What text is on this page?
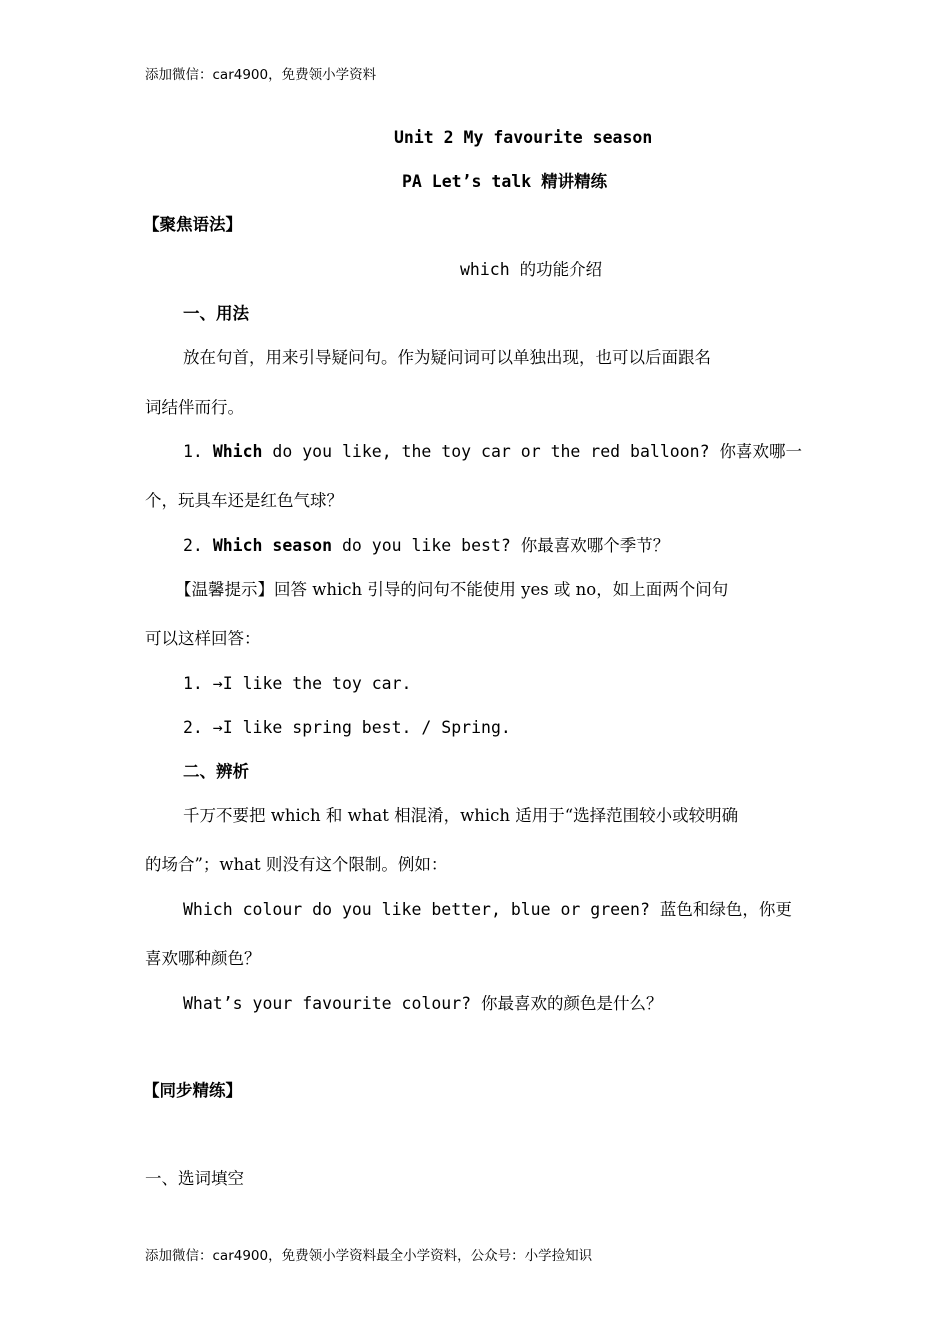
添加微信：car4900，免费领小学资料
Unit 2 My favourite season
PA Let’s talk 精讲精练
【聚焦语法】
which 的功能介绍
一、用法
放在句首，用来引导疑问句。作为疑问词可以单独出现，也可以后面跟名
词结伴而行。
1. Which do you like, the toy car or the red balloon? 你喜欢哪一
个，玩具车还是红色气球？
2. Which season do you like best? 你最喜欢哪个季节？
【温馨提示】回答 which 引导的问句不能使用 yes 或 no，如上面两个问句
可以这样回答：
1. →I like the toy car.
2. →I like spring best. / Spring.
二、辨析
千万不要把 which 和 what 相混淆，which 适用于“选择范围较小或较明确
的场合”；what 则没有这个限制。例如：
Which colour do you like better, blue or green? 蓝色和绿色，你更
喜欢哪种颜色？
What’s your favourite colour? 你最喜欢的颜色是什么？
【同步精练】
一、选词填空
添加微信：car4900，免费领小学资料最全小学资料，公众号：小学捡知识
